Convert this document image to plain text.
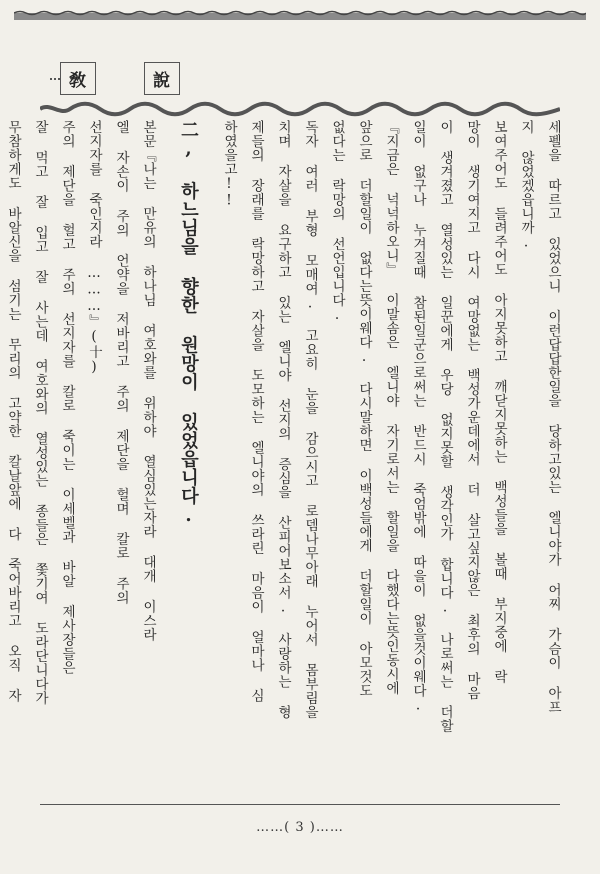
敎	說
세펠을 따르고 있었으니 이런답답한일을 당하고있는 엘니야가 어찌 가슴이 아프
지 않었겠읍니까.
보여주어도 들려주어도 아지못하고 깨닫지못하는 백성들을 볼때 부지중에 락
망이 생기여지고 다시 여망없는 백성가운데에서 더 살고싶지않은 최후의 마음
이 생겨졌고 열성있는 일꾼에게 우당 없지못할 생각인가 합니다. 나로써는 더할
일이 없구나 누겨질때 참된일군으로써는 반드시 죽엄밖에 따을이 없을것이웨다.
『지금은 넉넉하오니』 이말솜은 엘니야 자기로서는 할일을 다했다는뜻인동시에
앞으로 더할일이 없다는뜻이웨다. 다시말하면 이백성들에게 더할일이 아모것도
없다는 락망의 선언입니다.
독자 여러 부형 모매여. 고요히 눈을 감으시고 로뎀나무아래 누어서 몸부림을
치며 자살을 요구하고 있는 엘니야 선지의 증심을 산피어보소서. 사랑하는 형
제들의 장래를 락망하고 자살을 도모하는 엘니야의 쓰라린 마음이 얼마나 심
하였을고!!
二, 하느님을 향한 원망이 있었읍니다.
본문『나는 만유의 하나님 여호와를 위하야 열심있는자라 대개 이스라
엘 자손이 주의 언약을 저바리고 주의 제단을 헐며 칼로 주의
선지자를 죽인지라 ………』(十)
주의 제단을 헐고 주의 선지자를 칼로 죽이는 이세벨과 바알 제사장들은
잘 먹고 잘 입고 잘 사는데 여호와의 열성있는 종들은 쫓기여 도라단니다가
무참하게도 바알신을 섬기는 무리의 고약한 칼날앞에 다 죽어바리고 오직 자
……( 3 )……
